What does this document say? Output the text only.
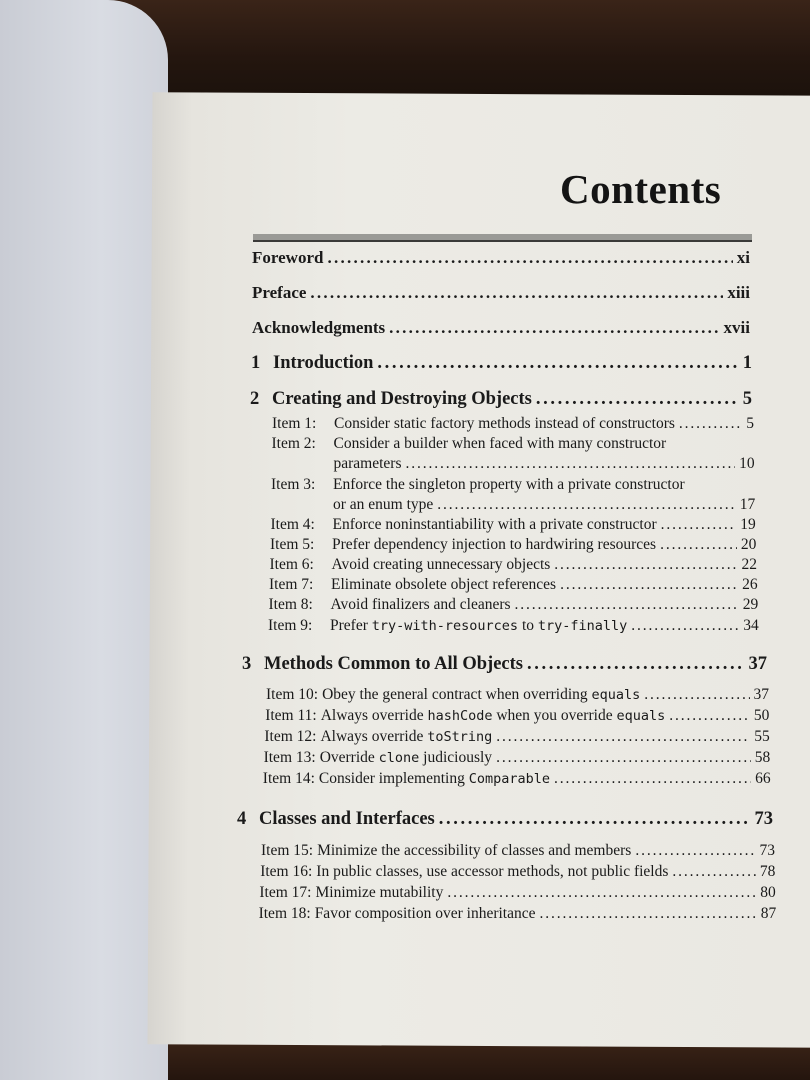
Contents
Foreword . . .	xi
Preface . . .	xiii
Acknowledgments . . .	xvii
1 Introduction . . .	1
2 Creating and Destroying Objects . . .	5
Item 1:	Consider static factory methods instead of constructors . . .	5
Item 2:	Consider a builder when faced with many constructor
parameters . . .	10
Item 3:	Enforce the singleton property with a private constructor
or an enum type . . .	17
Item 4:	Enforce noninstantiability with a private constructor . . .	19
Item 5:	Prefer dependency injection to hardwiring resources . . .	20
Item 6:	Avoid creating unnecessary objects . . .	22
Item 7:	Eliminate obsolete object references . . .	26
Item 8:	Avoid finalizers and cleaners . . .	29
Item 9:	Prefer try-with-resources to try-finally . . .	34
3 Methods Common to All Objects . . .	37
Item 10: Obey the general contract when overriding equals . . .	37
Item 11: Always override hashCode when you override equals . . .	50
Item 12: Always override toString . . .	55
Item 13: Override clone judiciously . . .	58
Item 14: Consider implementing Comparable . . .	66
4 Classes and Interfaces . . .	73
Item 15: Minimize the accessibility of classes and members . . .	73
Item 16: In public classes, use accessor methods, not public fields . . .	78
Item 17: Minimize mutability . . .	80
Item 18: Favor composition over inheritance . . .	87
